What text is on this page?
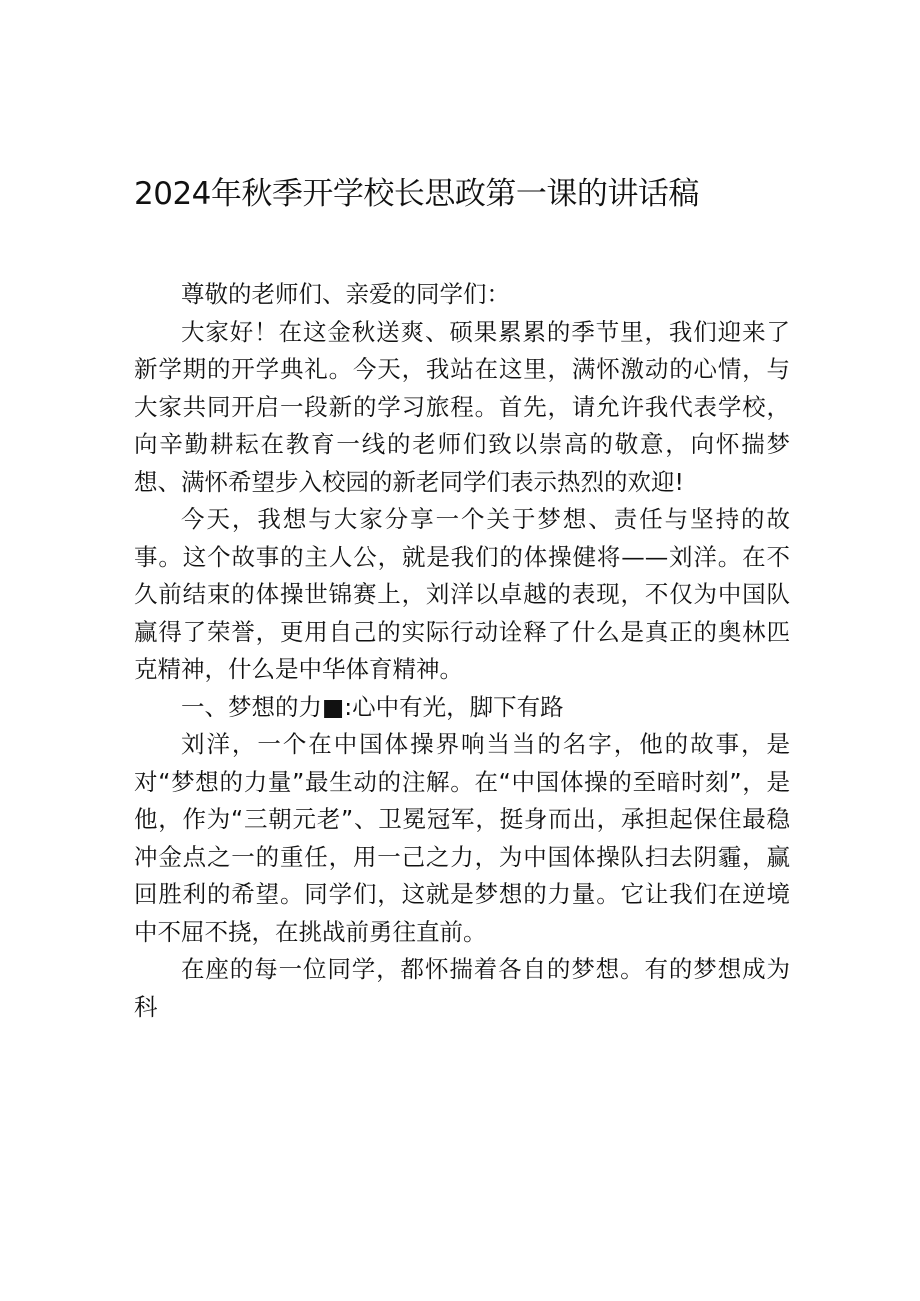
2024年秋季开学校长思政第一课的讲话稿

尊敬的老师们、亲爱的同学们：

大家好！在这金秋送爽、硕果累累的季节里，我们迎来了新学期的开学典礼。今天，我站在这里，满怀激动的心情，与大家共同开启一段新的学习旅程。首先，请允许我代表学校，向辛勤耕耘在教育一线的老师们致以崇高的敬意，向怀揣梦想、满怀希望步入校园的新老同学们表示热烈的欢迎!

今天，我想与大家分享一个关于梦想、责任与坚持的故事。这个故事的主人公，就是我们的体操健将——刘洋。在不久前结束的体操世锦赛上，刘洋以卓越的表现，不仅为中国队赢得了荣誉，更用自己的实际行动诠释了什么是真正的奥林匹克精神，什么是中华体育精神。

一、梦想的力■:心中有光，脚下有路

刘洋，一个在中国体操界响当当的名字，他的故事，是对“梦想的力量”最生动的注解。在“中国体操的至暗时刻”，是他，作为“三朝元老”、卫冕冠军，挺身而出，承担起保住最稳冲金点之一的重任，用一己之力，为中国体操队扫去阴霾，赢回胜利的希望。同学们，这就是梦想的力量。它让我们在逆境中不屈不挠，在挑战前勇往直前。

在座的每一位同学，都怀揣着各自的梦想。有的梦想成为科
